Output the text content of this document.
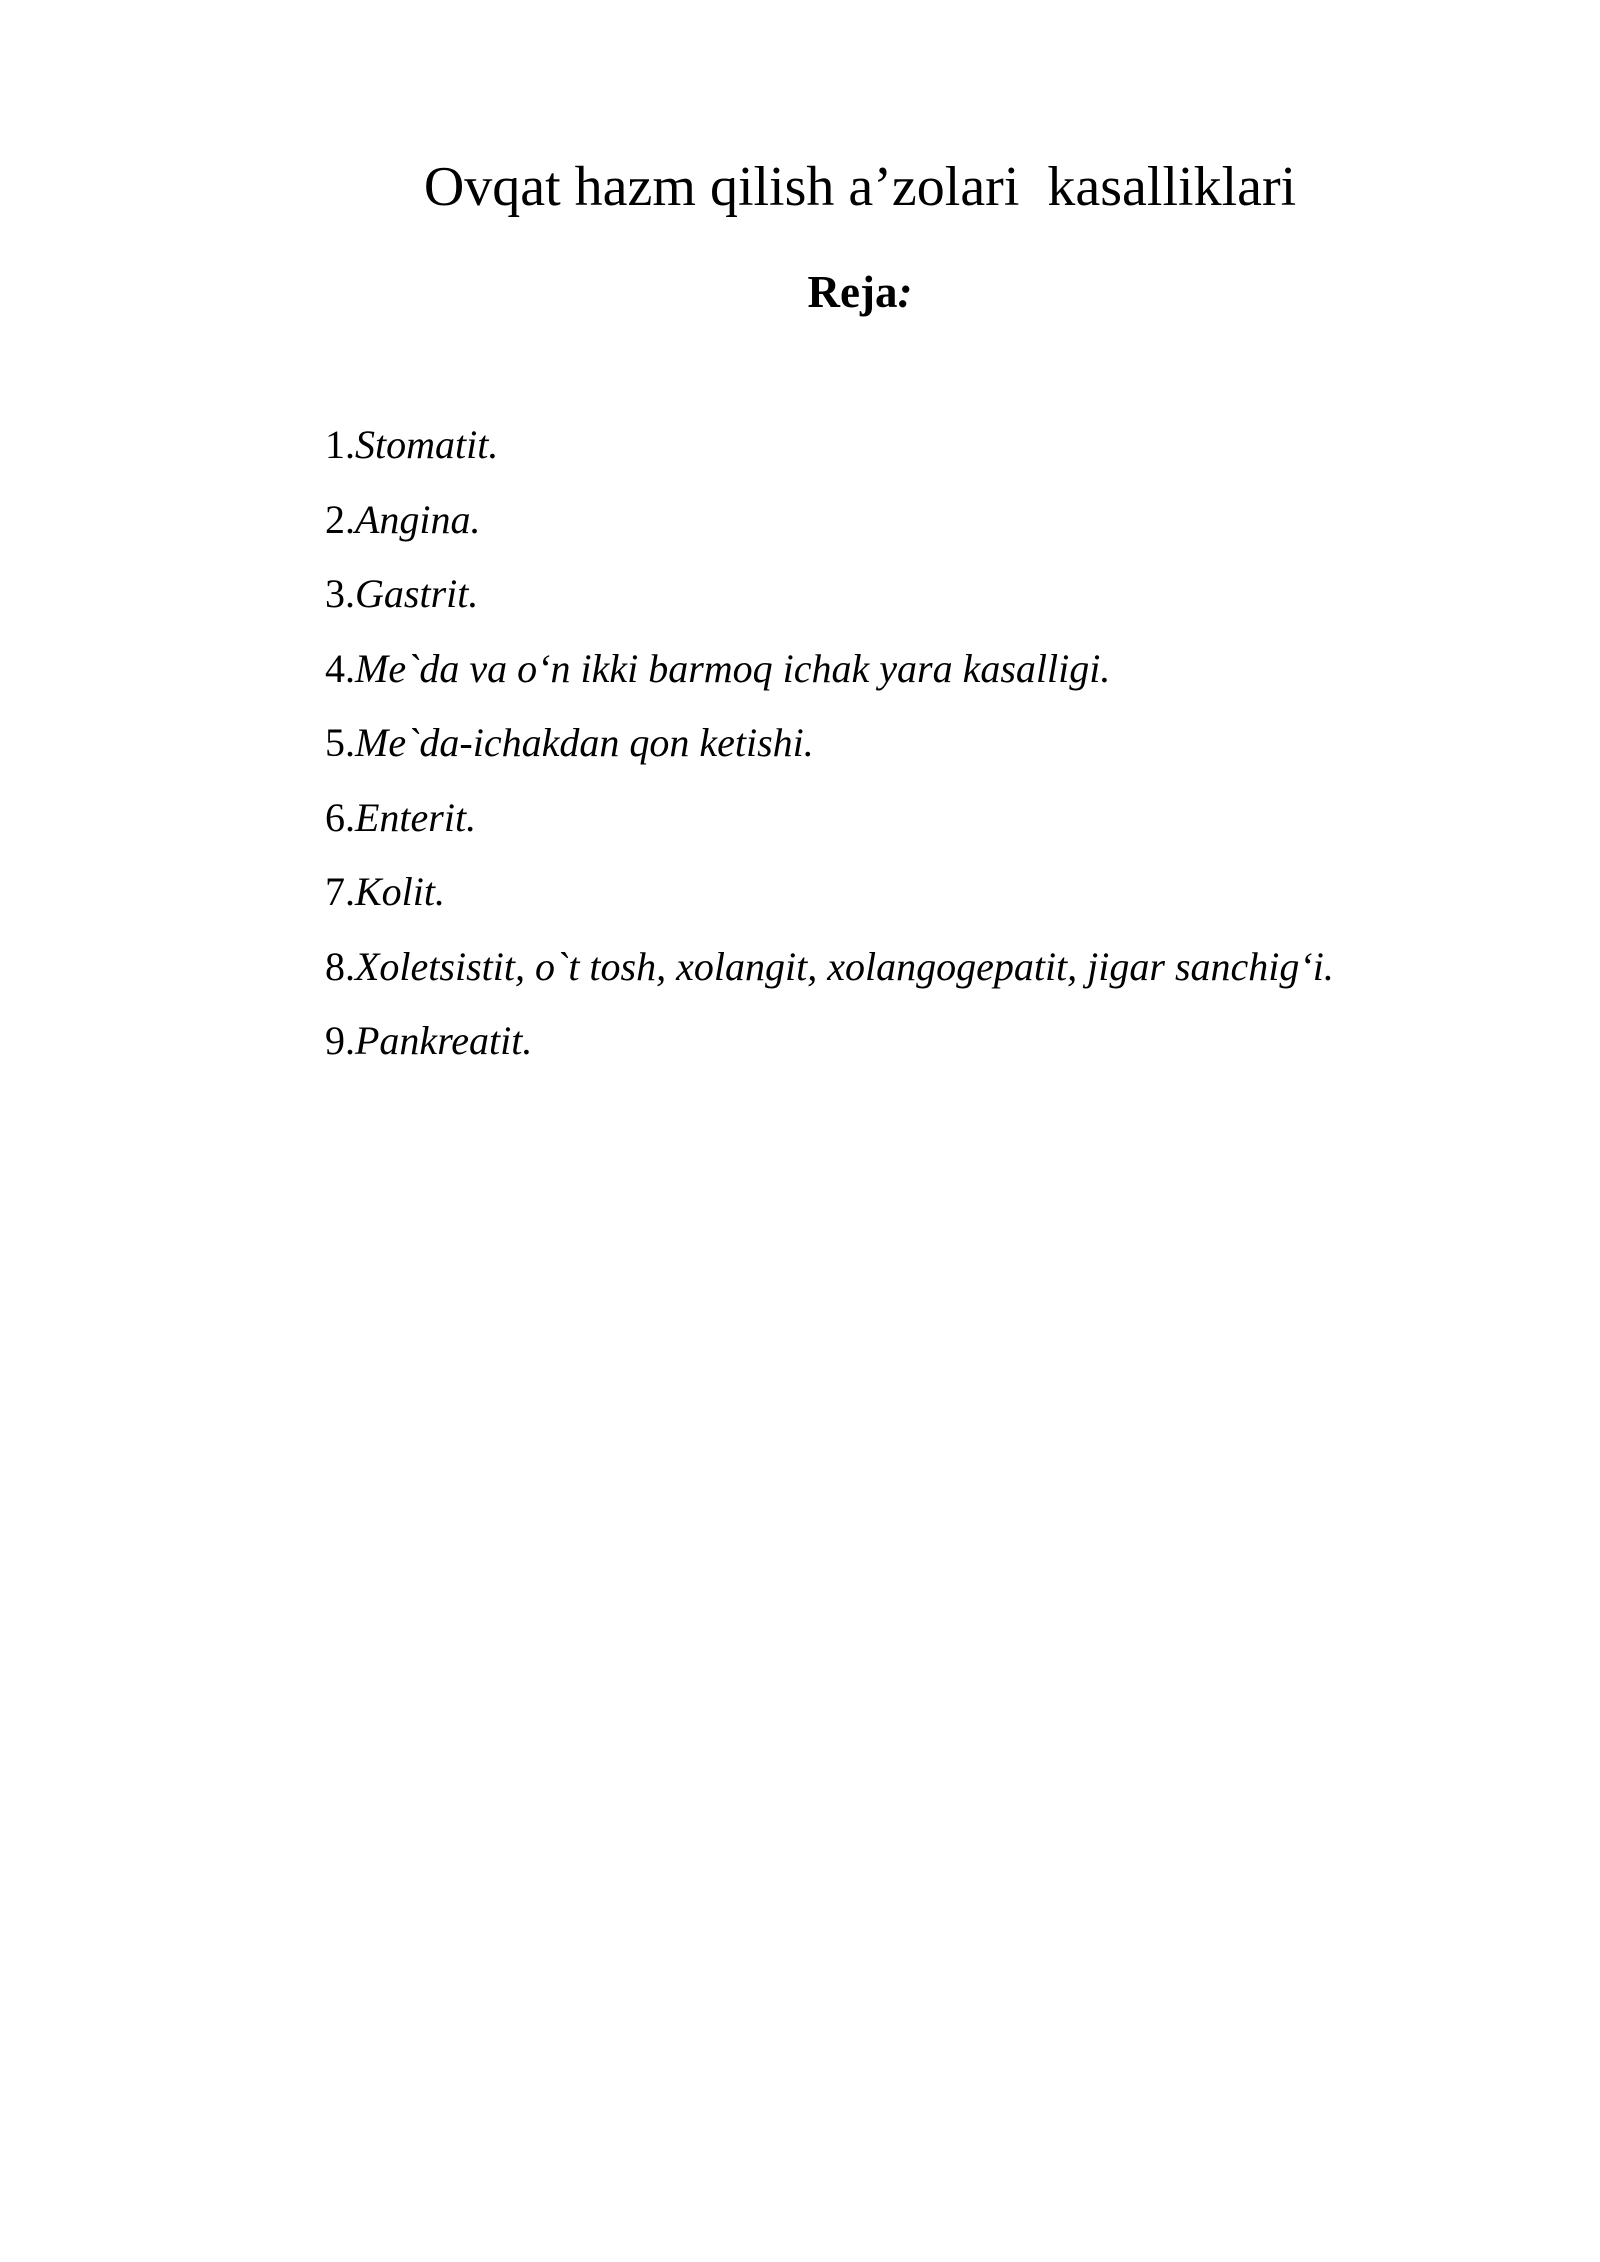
Ovqat hazm qilish a’zolari  kasalliklari
Reja:
1.Stomatit.
2.Angina.
3.Gastrit.
4.Me`da va o‘n ikki barmoq ichak yara kasalligi.
5.Me`da-ichakdan qon ketishi.
6.Enterit.
7.Kolit.
8.Xoletsistit, o`t tosh, xolangit, xolangogepatit, jigar sanchig‘i.
9.Pankreatit.
